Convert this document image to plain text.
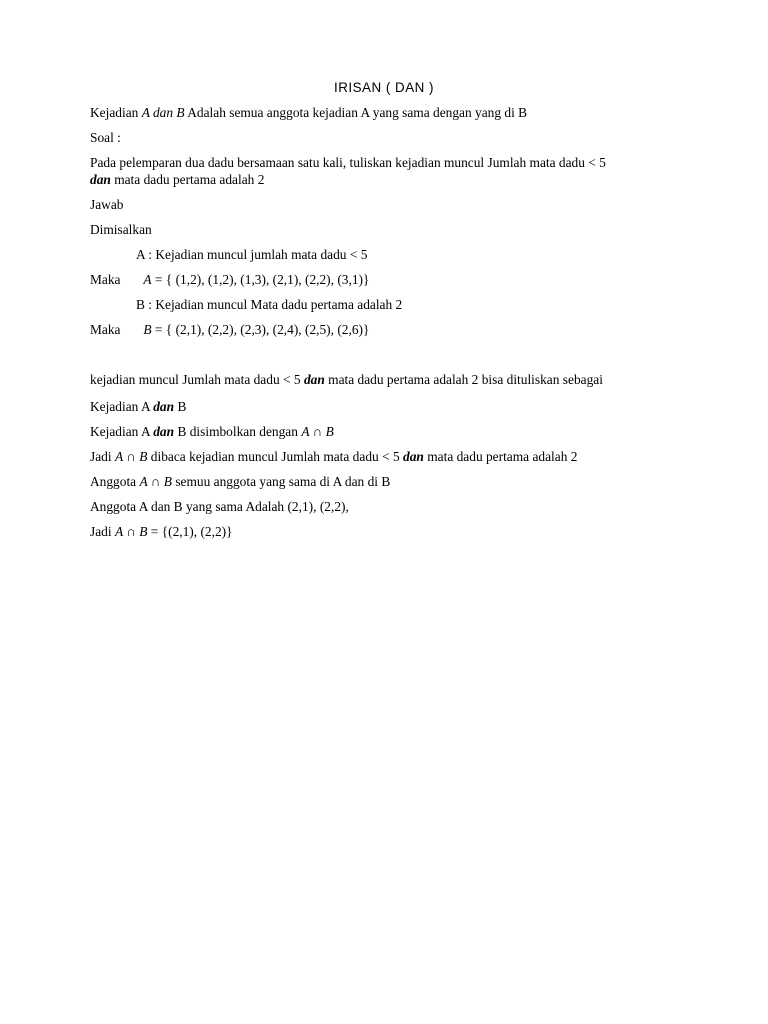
IRISAN ( DAN )
Kejadian A dan B Adalah semua anggota kejadian A yang sama dengan yang di B
Soal :
Pada pelemparan dua dadu bersamaan satu kali, tuliskan kejadian muncul Jumlah mata dadu < 5
dan mata dadu pertama adalah 2
Jawab
Dimisalkan
A : Kejadian muncul jumlah mata dadu < 5
Maka A = { (1,2), (1,2), (1,3), (2,1), (2,2), (3,1)}
B : Kejadian muncul Mata dadu pertama adalah 2
Maka B = { (2,1), (2,2), (2,3), (2,4), (2,5), (2,6)}
kejadian muncul Jumlah mata dadu < 5 dan mata dadu pertama adalah 2 bisa dituliskan sebagai
Kejadian A dan B
Kejadian A dan B disimbolkan dengan A ∩ B
Jadi A ∩ B dibaca kejadian muncul Jumlah mata dadu < 5 dan mata dadu pertama adalah 2
Anggota A ∩ B semuu anggota yang sama di A dan di B
Anggota A dan B yang sama Adalah (2,1), (2,2),
Jadi A ∩ B = {(2,1), (2,2)}
